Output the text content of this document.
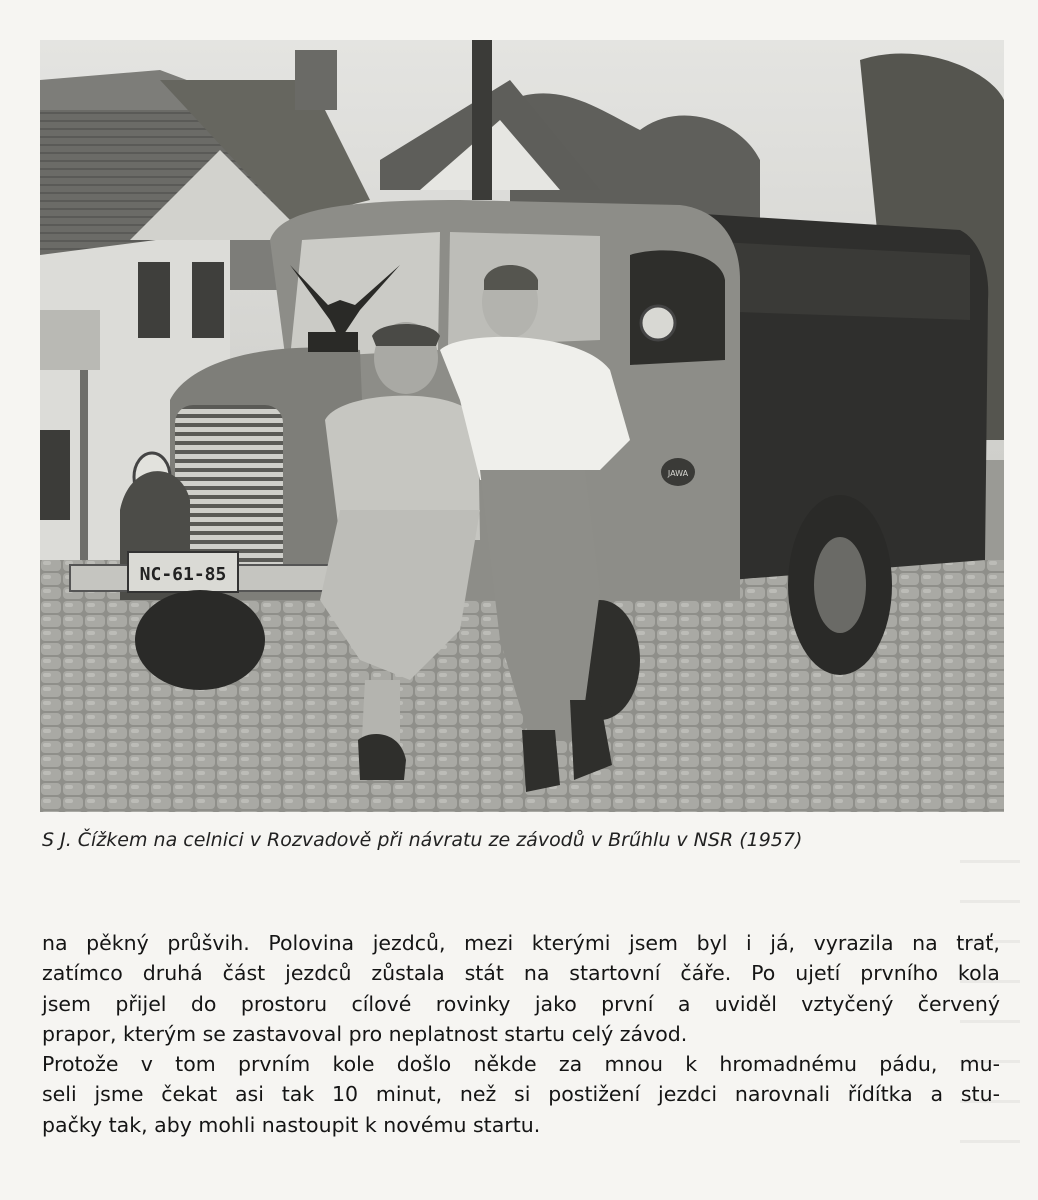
JAWA
NC-61-85
S J. Čížkem na celnici v Rozvadově při návratu ze závodů v Brűhlu v NSR (1957)
na pěkný průšvih. Polovina jezdců, mezi kterými jsem byl i já, vyrazila na trať,
zatímco druhá část jezdců zůstala stát na startovní čáře. Po ujetí prvního kola
jsem přijel do prostoru cílové rovinky jako první a uviděl vztyčený červený
prapor, kterým se zastavoval pro neplatnost startu celý závod.
Protože v tom prvním kole došlo někde za mnou k hromadnému pádu, mu-
seli jsme čekat asi tak 10 minut, než si postižení jezdci narovnali řídítka a stu-
pačky tak, aby mohli nastoupit k novému startu.
